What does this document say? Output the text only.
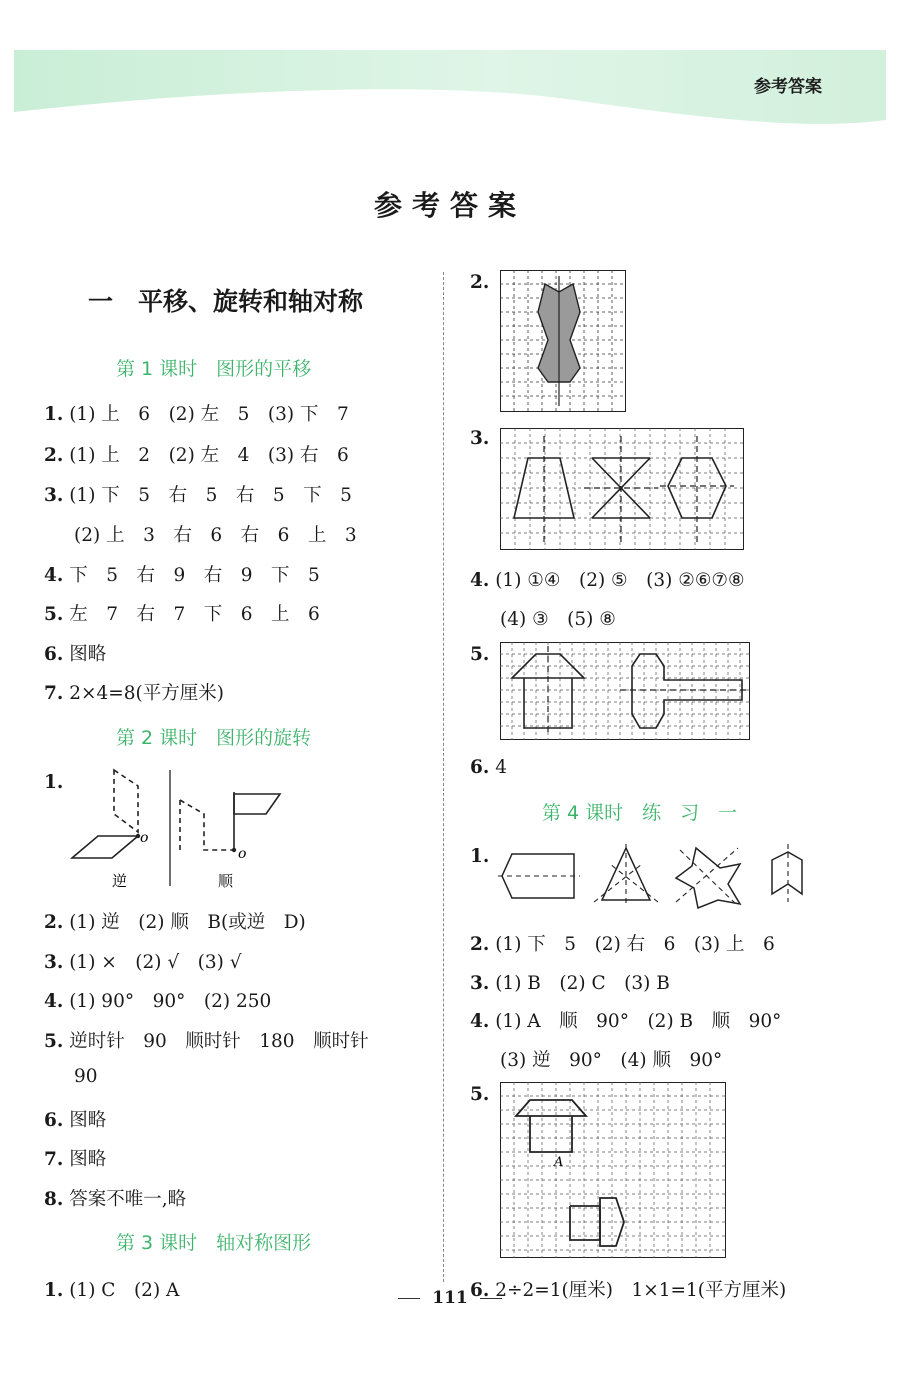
参考答案
参考答案
一　平移、旋转和轴对称
第 1 课时　图形的平移
1. (1) 上　6　(2) 左　5　(3) 下　7
2. (1) 上　2　(2) 左　4　(3) 右　6
3. (1) 下　5　右　5　右　5　下　5
(2) 上　3　右　6　右　6　上　3
4. 下　5　右　9　右　9　下　5
5. 左　7　右　7　下　6　上　6
6. 图略
7. 2×4=8(平方厘米)
第 2 课时　图形的旋转
1.
o
o
逆	顺
2. (1) 逆　(2) 顺　B(或逆　D)
3. (1) ×　(2) √　(3) √
4. (1) 90°　90°　(2) 250
5. 逆时针　90　顺时针　180　顺时针
90
6. 图略
7. 图略
8. 答案不唯一,略
第 3 课时　轴对称图形
1. (1) C　(2) A
2.
3.
4. (1) ①④　(2) ⑤　(3) ②⑥⑦⑧
(4) ③　(5) ⑧
5.
6. 4
第 4 课时　练　习　一
1.
2. (1) 下　5　(2) 右　6　(3) 上　6
3. (1) B　(2) C　(3) B
4. (1) A　顺　90°　(2) B　顺　90°
(3) 逆　90°　(4) 顺　90°
5.
A
6. 2÷2=1(厘米)　1×1=1(平方厘米)
111
